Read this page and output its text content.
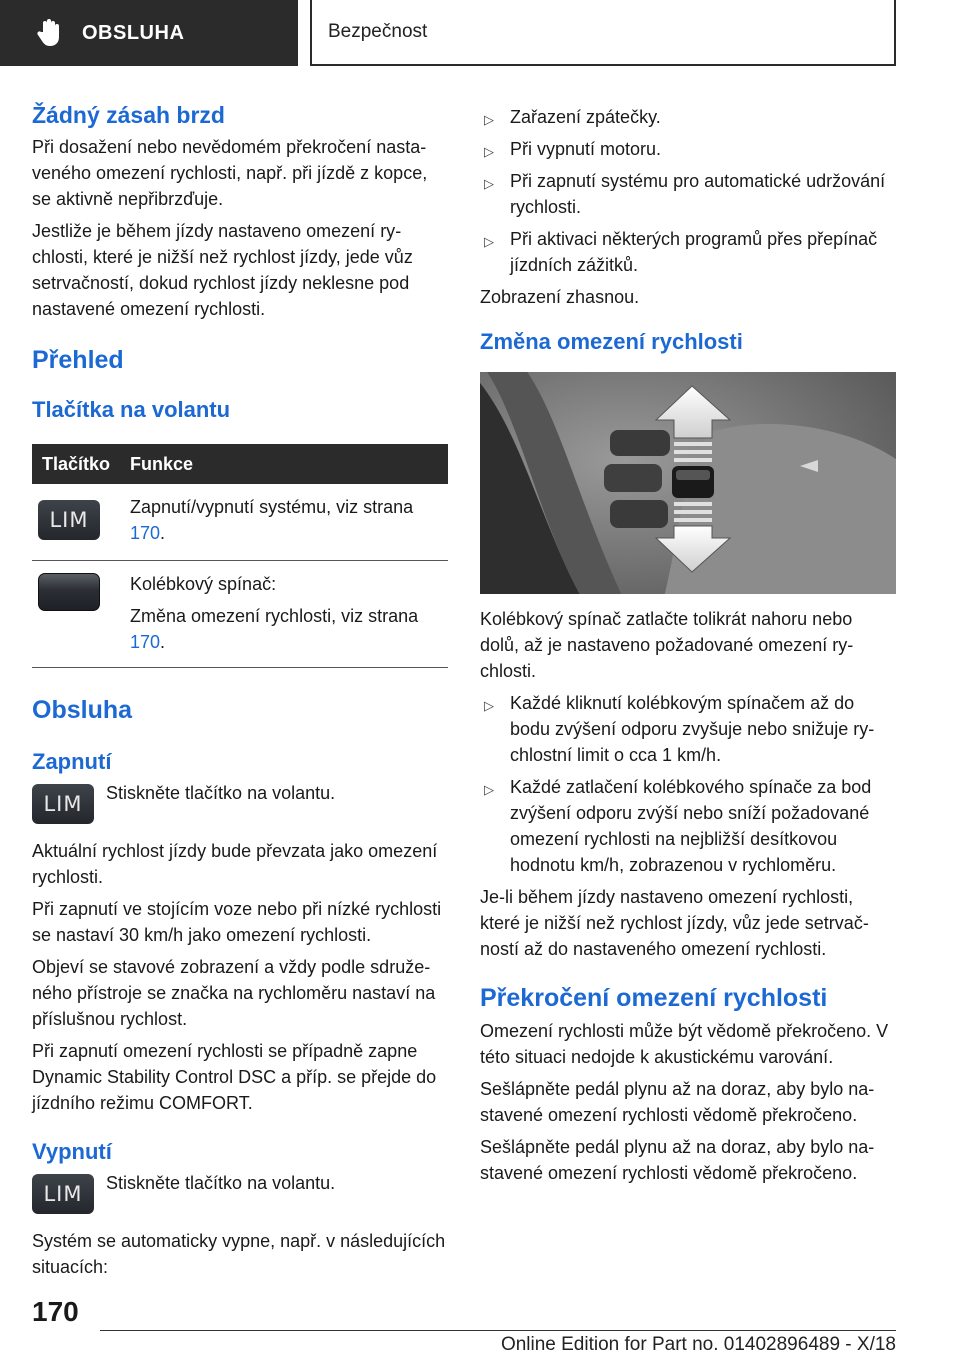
OBSLUHA	Bezpečnost
Žádný zásah brzd

Při dosažení nebo nevědomém překročení nastaveného omezení rychlosti, např. při jízdě z kopce, se aktivně nepřibrzďuje.

Jestliže je během jízdy nastaveno omezení rychlosti, které je nižší než rychlost jízdy, jede vůz setrvačností, dokud rychlost jízdy neklesne pod nastavené omezení rychlosti.

Přehled
Tlačítka na volantu
Tlačítko	Funkce
LIM	Zapnutí/vypnutí systému, viz strana 170.

	Kolébkový spínač:
Změna omezení rychlosti, viz strana 170.
Obsluha
Zapnutí
LIM	Stiskněte tlačítko na volantu.

Aktuální rychlost jízdy bude převzata jako omezení rychlosti.

Při zapnutí ve stojícím voze nebo při nízké rychlosti se nastaví 30 km/h jako omezení rychlosti.

Objeví se stavové zobrazení a vždy podle sdruženého přístroje se značka na rychloměru nastaví na příslušnou rychlost.

Při zapnutí omezení rychlosti se případně zapne Dynamic Stability Control DSC a příp. se přejde do jízdního režimu COMFORT.

Vypnutí
LIM	Stiskněte tlačítko na volantu.

Systém se automaticky vypne, např. v následujících situacích:

▷ Zařazení zpátečky.
▷ Při vypnutí motoru.
▷ Při zapnutí systému pro automatické udržování rychlosti.
▷ Při aktivaci některých programů přes přepínač jízdních zážitků.

Zobrazení zhasnou.

Změna omezení rychlosti

Kolébkový spínač zatlačte tolikrát nahoru nebo dolů, až je nastaveno požadované omezení rychlosti.

▷ Každé kliknutí kolébkovým spínačem až do bodu zvýšení odporu zvyšuje nebo snižuje rychlostní limit o cca 1 km/h.
▷ Každé zatlačení kolébkového spínače za bod zvýšení odporu zvýší nebo sníží požadované omezení rychlosti na nejbližší desítkovou hodnotu km/h, zobrazenou v rychloměru.

Je-li během jízdy nastaveno omezení rychlosti, které je nižší než rychlost jízdy, vůz jede setrvačností až do nastaveného omezení rychlosti.

Překročení omezení rychlosti

Omezení rychlosti může být vědomě překročeno. V této situaci nedojde k akustickému varování.

Sešlápněte pedál plynu až na doraz, aby bylo nastavené omezení rychlosti vědomě překročeno.

Sešlápněte pedál plynu až na doraz, aby bylo nastavené omezení rychlosti vědomě překročeno.

170
Online Edition for Part no. 01402896489 - X/18
